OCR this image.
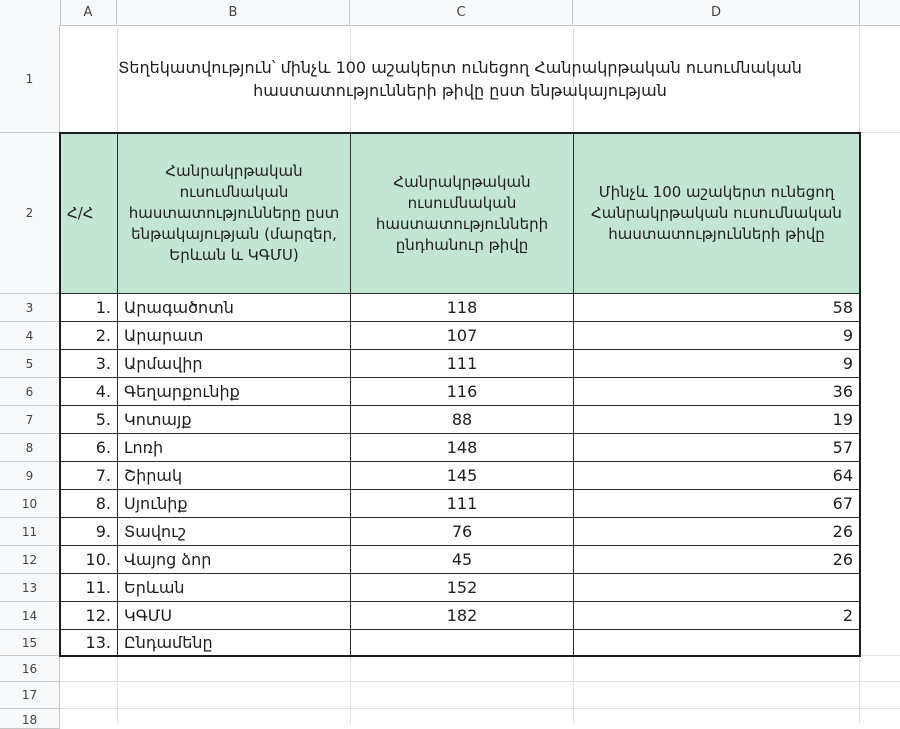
A	B	C	D
1
2
3
4
5
6
7
8
9
10
11
12
13
14
15
16
17
18
Տեղեկատվություն՝ մինչև 100 աշակերտ ունեցող Հանրակրթական ուսումնական հաստատությունների թիվը ըստ ենթակայության
Հ/Հ	Հանրակրթական ուսումնական հաստատությունները ըստ ենթակայության (մարզեր, Երևան և ԿԳՄՍ)	Հանրակրթական ուսումնական հաստատությունների ընդհանուր թիվը	Մինչև 100 աշակերտ ունեցող Հանրակրթական ուսումնական հաստատությունների թիվը
1.	Արագածոտն	118	58
2.	Արարատ	107	9
3.	Արմավիր	111	9
4.	Գեղարքունիք	116	36
5.	Կոտայք	88	19
6.	Լոռի	148	57
7.	Շիրակ	145	64
8.	Սյունիք	111	67
9.	Տավուշ	76	26
10.	Վայոց ձոր	45	26
11.	Երևան	152	
12.	ԿԳՄՍ	182	2
13.	Ընդամենը		
